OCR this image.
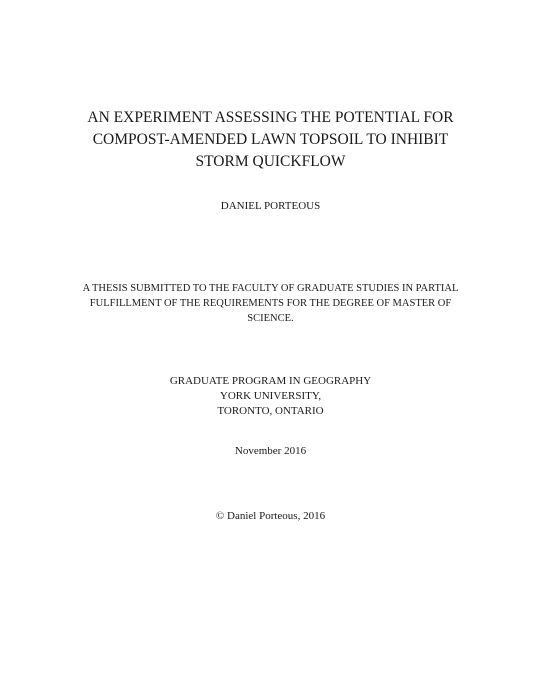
AN EXPERIMENT ASSESSING THE POTENTIAL FOR
COMPOST-AMENDED LAWN TOPSOIL TO INHIBIT
STORM QUICKFLOW
DANIEL PORTEOUS
A THESIS SUBMITTED TO THE FACULTY OF GRADUATE STUDIES IN PARTIAL
FULFILLMENT OF THE REQUIREMENTS FOR THE DEGREE OF MASTER OF
SCIENCE.
GRADUATE PROGRAM IN GEOGRAPHY
YORK UNIVERSITY,
TORONTO, ONTARIO
November 2016
© Daniel Porteous, 2016
